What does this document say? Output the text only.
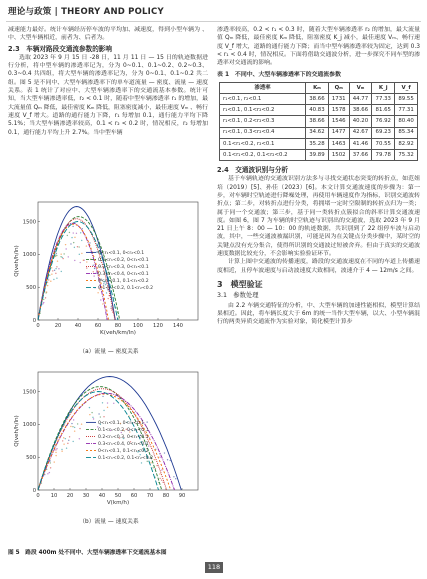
理论与政策 | THEORY AND POLICY

减速能力最好。统计车辆经历停车波的平均加、减速度，得到小型车辆为 、中、大型车辆相近，前者为、后者为。

2.3　车辆对路段交通流参数的影响

选取 2023 年 9 月 15 日 -28 日，11 月 11 日 — 15 日的轨迹数据进行分析，将中型车辆的渗透率记为，分为 0~0.1、0.1~0.2、0.2~0.3、0.3~0.4 共四组，将大型车辆的渗透率记为，分为 0~0.1、0.1~0.2 共二组。图 5 是不同中、大型车辆渗透率下的单车道流量 — 密度、流量 — 速度关系。表 1 统计了对应中、大型车辆渗透率下的交通流基本参数。统计可知，当大型车辆渗透率低，r₂ < 0.1 时，随着中型车辆渗透率 r₁ 的增加，最大流量值 Qₘ 降低，最佳密度 Kₘ 降低，阻塞密度减小，最佳速度 Vₘ 、畅行速度 V_f 增大。道路的通行能力下降，r₁ 每增加 0.1，通行能力平均下降 5.1%；当大型车辆渗透率较高，0.1 < r₂ < 0.2 时，情况相反，r₂ 每增加 0.1，通行能力平均上升 2.7%。当中型车辆

1500
1000
500
0
0	20	40	60	80 100 120 140
K(veh/km/ln)
Q(veh/h/ln)	0<r₁<0.1, 0<r₂<0.1
0.1<r₁<0.2, 0<r₂<0.1
0.2<r₁<0.3, 0<r₂<0.1
0.3<r₁<0.4, 0<r₂<0.1
0<r₁<0.1, 0.1<r₂<0.2
0.1<r₁<0.2, 0.1<r₂<0.2
（a）流量 — 密度关系
1500
1000
500
0
0 10 20 30 40 50 60 70 80 90
V(km/h)
Q(veh/h/ln)	0<r₁<0.1, 0<r₂<0.1
0.1<r₁<0.2, 0<r₂<0.1
0.2<r₁<0.3, 0<r₂<0.1
0.3<r₁<0.4, 0<r₂<0.1
0<r₁<0.1, 0.1<r₂<0.2
0.1<r₁<0.2, 0.1<r₂<0.2
（b）流量 — 速度关系
图 5　路段 400m 处不同中、大型车辆渗透率下交通流基本图

渗透率较高，0.2 < r₁ < 0.3 时，随着大型车辆渗透率 r₂ 的增加，最大流量值 Qₘ 降低，最佳密度 Kₘ 降低，阻塞密度 K_j 减小，最佳速度 Vₘ、畅行速度 V_f 增大，道路的通行能力下降；而当中型车辆渗透率较为固定，达到 0.3 < r₁ < 0.4 时，情况相反。下面将借助交通波分析，进一步探究不同车型的渗透率对交通流的影响。

表 1　不同中、大型车辆渗透率下的交通流参数
渗透率	Kₘ	Qₘ	Vₘ	K_j	V_f
r₁<0.1, r₂<0.1	38.66	1731	44.77	77.33	89.55
r₁<0.1, 0.1<r₂<0.2	40.83	1578	38.66	81.65	77.31
r₁<0.1, 0.2<r₂<0.3	38.66	1546	40.20	76.92	80.40
r₁<0.1, 0.3<r₂<0.4	34.62	1477	42.67	69.23	85.34
0.1<r₁<0.2, r₂<0.1	35.28	1463	41.46	70.55	82.92
0.1<r₁<0.2, 0.1<r₂<0.2	39.89	1502	37.66	79.78	75.32
2.4　交通波识别与分析

基于车辆轨迹的交通波识别方法多与寻找交通状态突变的转折点，如范姐培（2019）[5]、孙佳（2023）[6]。本文计算交通波速度的步骤为：第一步，对车辆时空轨迹进行降噪处理，再使用车辆速度作为指标，识别交通波转折点；第二步，对转折点进行分类，将拥堵一定时空限制的转折点归为一类；属于同一个交通波；第三步，基于同一类转折点簇拟合的斜率计算交通波速度。如图 6，图 7 为车辆的时空轨迹与识别出的交通波，选取 2023 年 9 月 21 日上午 8：00 — 10：00 的轨迹数据，共识别到了 22 组停车波与启动波，其中，一些交通波被漏识别，可能是因为在关键点分类步骤中，某时空的关键点没有充分集合，使得所识别的交通波过短被舍弃。但由于真实的交通波速度数据比较充分，不会影响实验验证环节。

计算上图中交通波的传播速度，路段的交通波速度在不同的车道上传播速度相近，且停车波速度与启动波速度大致相同，波速介于 4 — 12m/s 之间。

3　模型验证
3.1　参数处理

由 2.2 车辆交通特征的分析，中、大型车辆的加速性能相似，模型计算结果相近。因此，将车辆长度大于 6m 的统一当作大型车辆，以大、小型车辆混行的两类异质交通流作为实验对象，简化模型计算步

118
